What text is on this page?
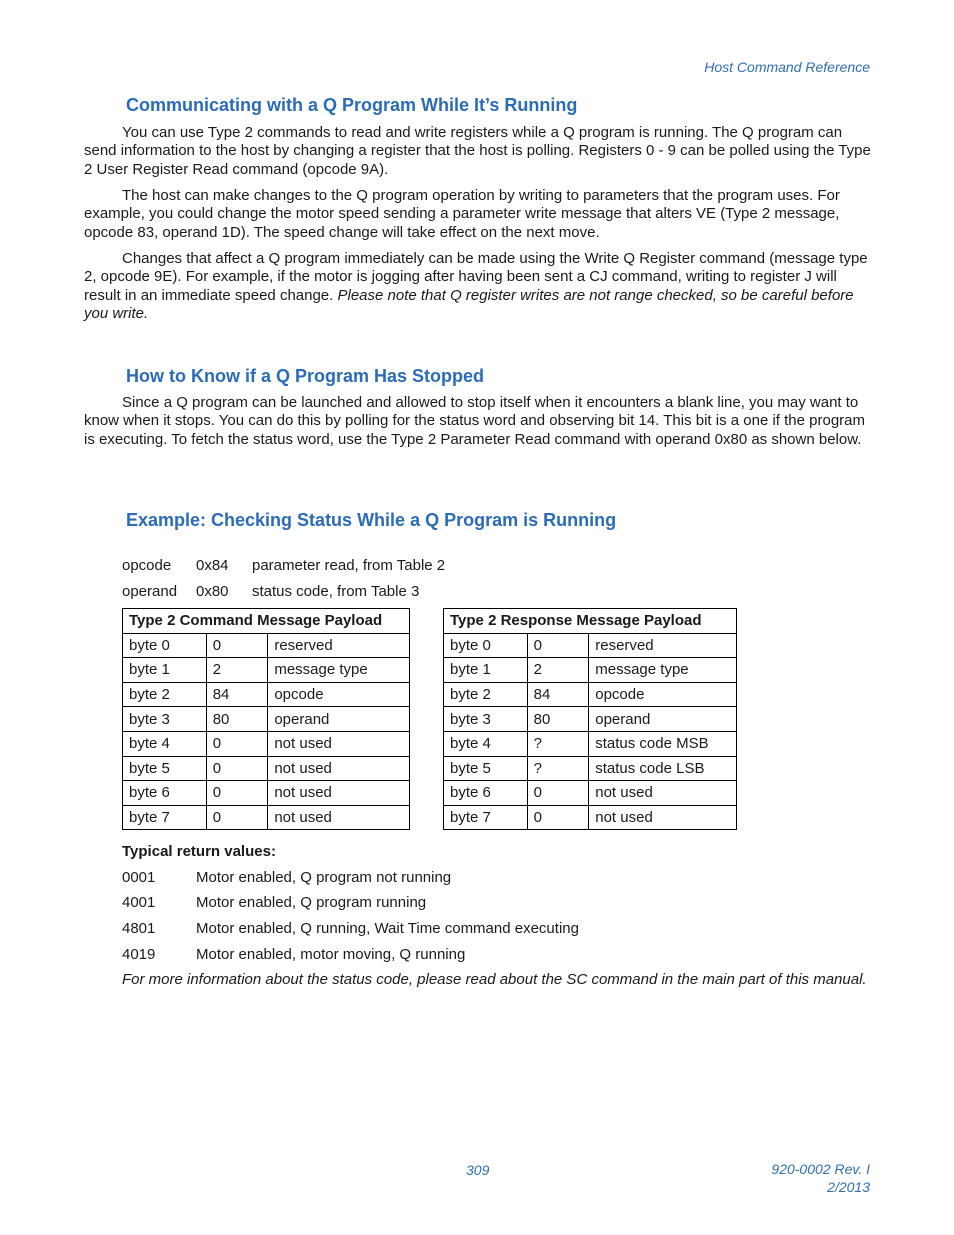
Host Command Reference
Communicating with a Q Program While It’s Running

You can use Type 2 commands to read and write registers while a Q program is running. The Q program can send information to the host by changing a register that the host is polling. Registers 0 - 9 can be polled using the Type 2 User Register Read command (opcode 9A).

The host can make changes to the Q program operation by writing to parameters that the program uses. For example, you could change the motor speed sending a parameter write message that alters VE (Type 2 message, opcode 83, operand 1D). The speed change will take effect on the next move.

Changes that affect a Q program immediately can be made using the Write Q Register command (message type 2, opcode 9E). For example, if the motor is jogging after having been sent a CJ command, writing to register J will result in an immediate speed change. Please note that Q register writes are not range checked, so be careful before you write.

How to Know if a Q Program Has Stopped

Since a Q program can be launched and allowed to stop itself when it encounters a blank line, you may want to know when it stops. You can do this by polling for the status word and observing bit 14. This bit is a one if the program is executing. To fetch the status word, use the Type 2 Parameter Read command with operand 0x80 as shown below.

Example: Checking Status While a Q Program is Running
opcode 0x84 parameter read, from Table 2
operand 0x80 status code, from Table 3
Type 2 Command Message Payload		
byte 0	0	reserved
byte 1	2	message type
byte 2	84	opcode
byte 3	80	operand
byte 4	0	not used
byte 5	0	not used
byte 6	0	not used
byte 7	0	not used
Type 2 Response Message Payload		
byte 0	0	reserved
byte 1	2	message type
byte 2	84	opcode
byte 3	80	operand
byte 4	?	status code MSB
byte 5	?	status code LSB
byte 6	0	not used
byte 7	0	not used
Typical return values:
0001	Motor enabled, Q program not running
4001	Motor enabled, Q program running
4801	Motor enabled, Q running, Wait Time command executing
4019	Motor enabled, motor moving, Q running

For more information about the status code, please read about the SC command in the main part of this manual.

309	920-0002 Rev. I
2/2013
